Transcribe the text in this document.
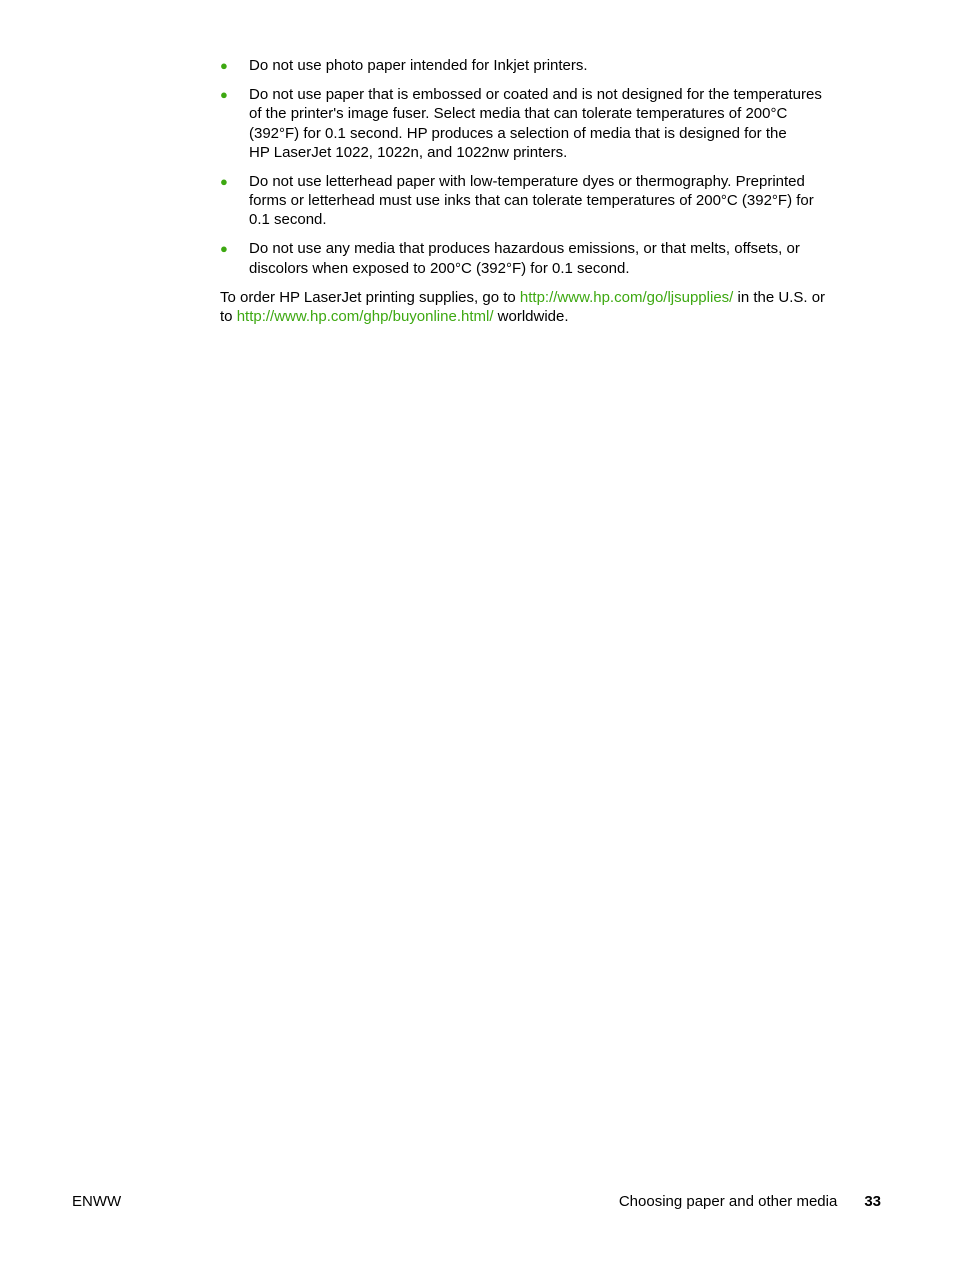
● Do not use photo paper intended for Inkjet printers.
● Do not use paper that is embossed or coated and is not designed for the temperatures
of the printer's image fuser. Select media that can tolerate temperatures of 200°C
(392°F) for 0.1 second. HP produces a selection of media that is designed for the
HP LaserJet 1022, 1022n, and 1022nw printers.
● Do not use letterhead paper with low-temperature dyes or thermography. Preprinted
forms or letterhead must use inks that can tolerate temperatures of 200°C (392°F) for
0.1 second.
● Do not use any media that produces hazardous emissions, or that melts, offsets, or
discolors when exposed to 200°C (392°F) for 0.1 second.

To order HP LaserJet printing supplies, go to http://www.hp.com/go/ljsupplies/ in the U.S. or
to http://www.hp.com/ghp/buyonline.html/ worldwide.

ENWW	Choosing paper and other media 33
